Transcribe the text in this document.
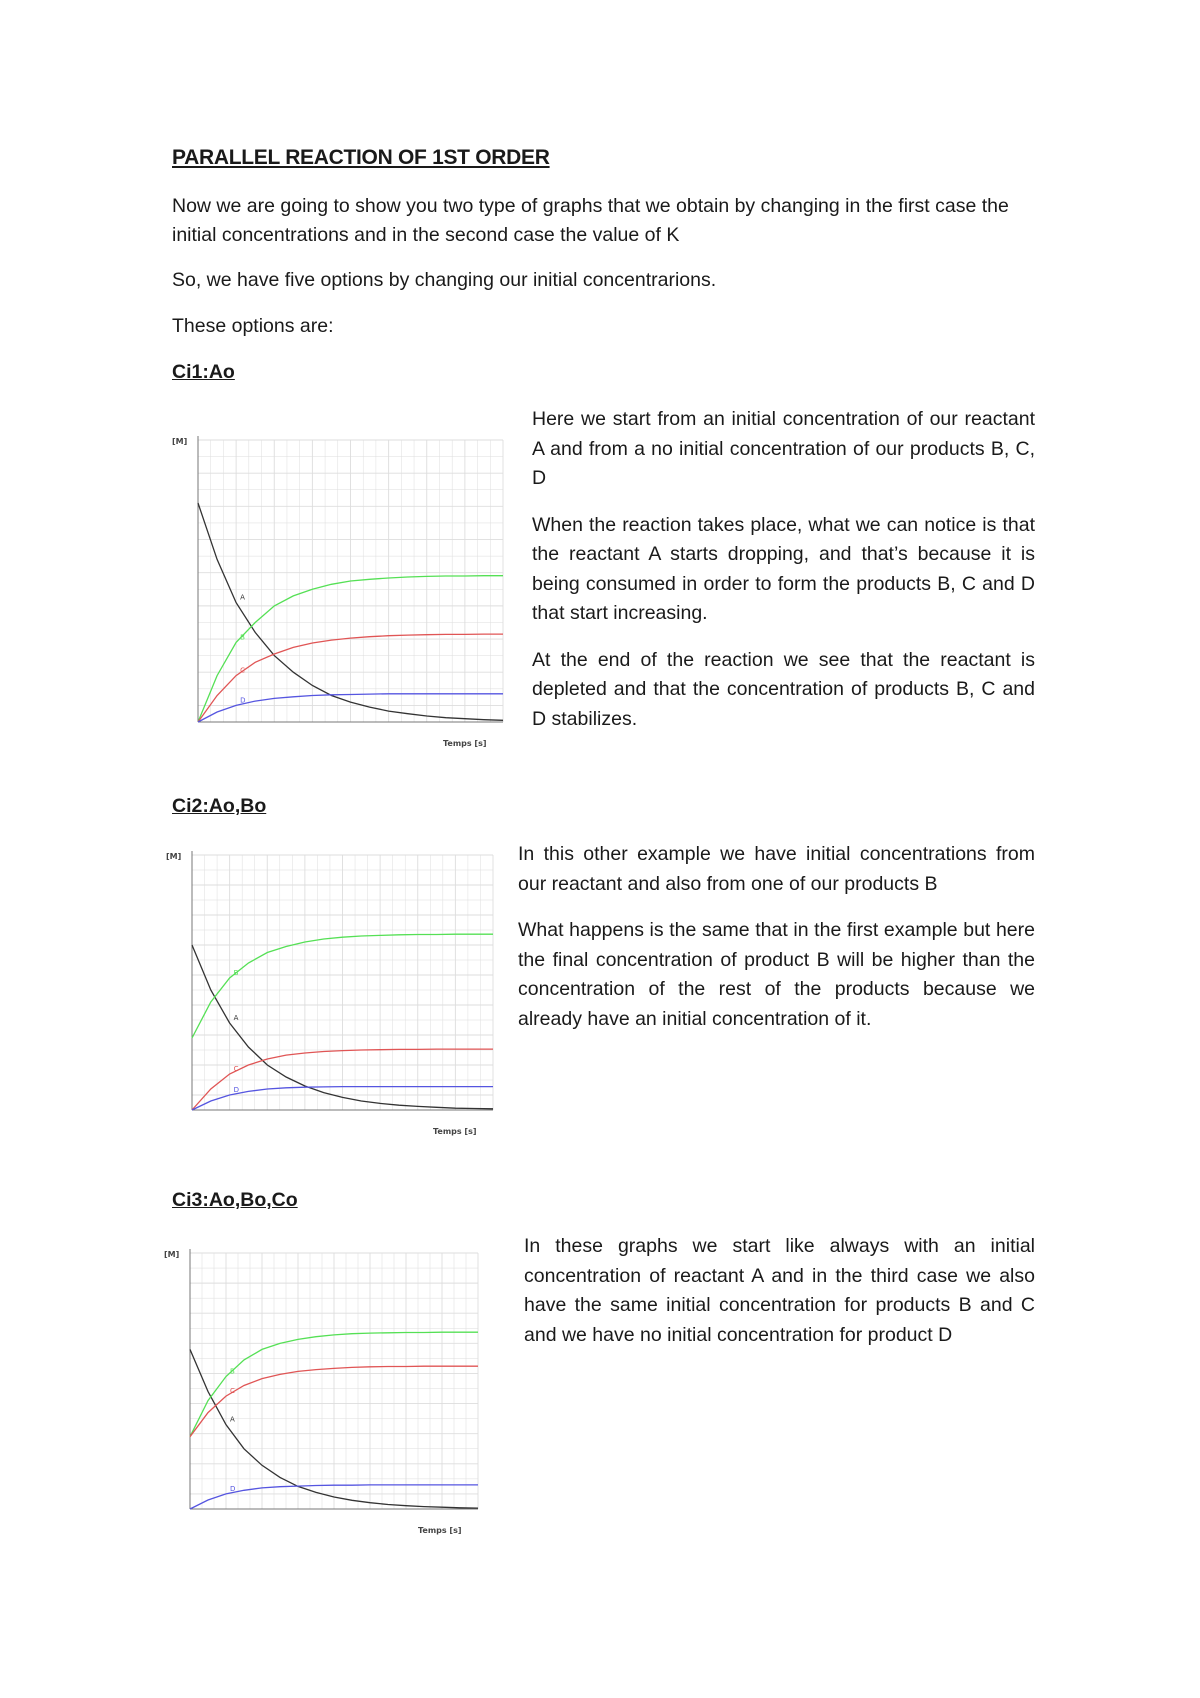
PARALLEL REACTION OF 1ST ORDER

Now we are going to show you two type of graphs that we obtain by changing in the first case the initial concentrations and in the second case the value of K

So, we have five options by changing our initial concentrarions.

These options are:

Ci1:Ao
[M]
Temps [s]
A
B
C
D

Here we start from an initial concentration of our reactant A and from a no initial concentration of our products B, C, D

When the reaction takes place, what we can notice is that the reactant A starts dropping, and that’s because it is being consumed in order to form the products B, C and D that start increasing.

At the end of the reaction we see that the reactant is depleted and that the concentration of products B, C and D stabilizes.

Ci2:Ao,Bo
[M]
Temps [s]
A
B
C
D

In this other example we have initial concentrations from our reactant and also from one of our products B

What happens is the same that in the first example but here the final concentration of product B will be higher than the concentration of the rest of the products because we already have an initial concentration of it.

Ci3:Ao,Bo,Co
[M]
Temps [s]
A
B
C
D

In these graphs we start like always with an initial concentration of reactant A and in the third case we also have the same initial concentration for products B and C and we have no initial concentration for product D
